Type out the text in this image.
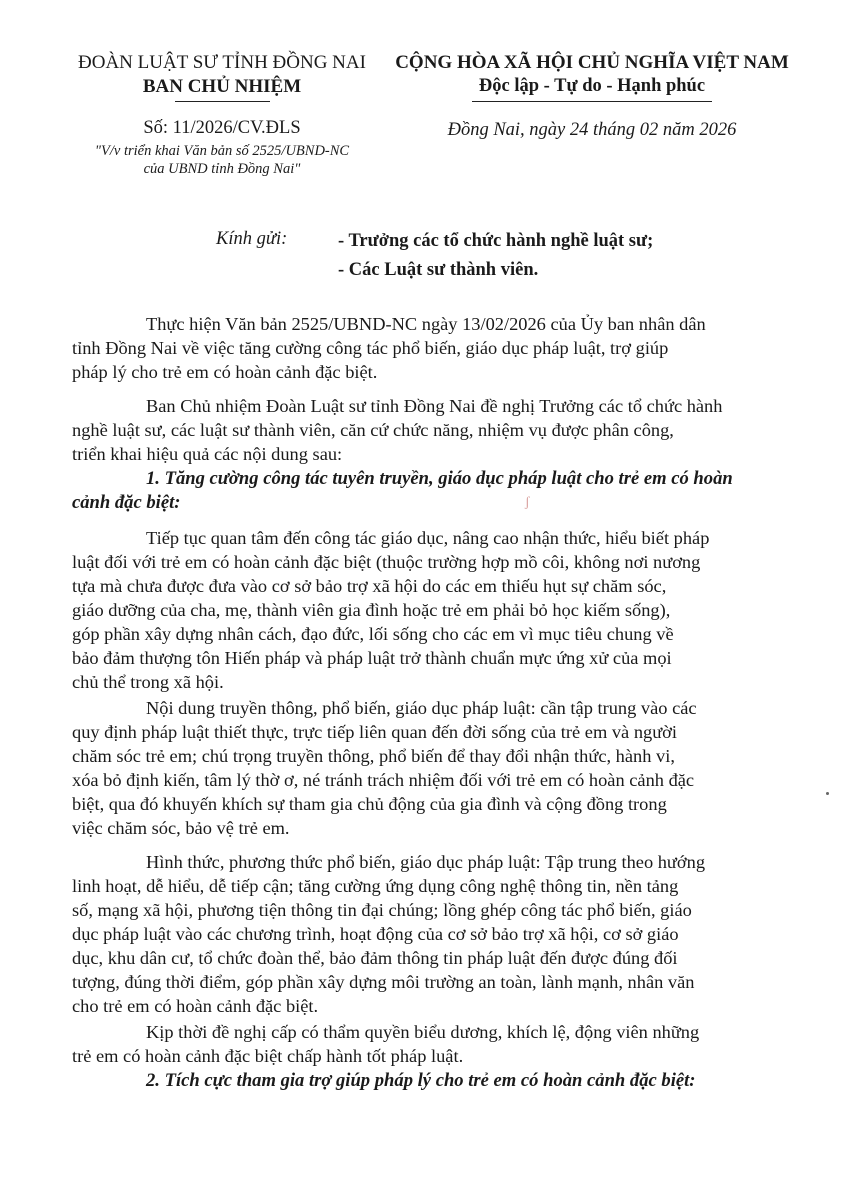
ĐOÀN LUẬT SƯ TỈNH ĐỒNG NAI
BAN CHỦ NHIỆM
CỘNG HÒA XÃ HỘI CHỦ NGHĨA VIỆT NAM
Độc lập - Tự do - Hạnh phúc
Số: 11/2026/CV.ĐLS
"V/v triển khai Văn bản số 2525/UBND-NC
của UBND tỉnh Đồng Nai"
Đồng Nai, ngày 24 tháng 02 năm 2026
Kính gửi:	- Trưởng các tổ chức hành nghề luật sư;
- Các Luật sư thành viên.
Thực hiện Văn bản 2525/UBND-NC ngày 13/02/2026 của Ủy ban nhân dân
tỉnh Đồng Nai về việc tăng cường công tác phổ biến, giáo dục pháp luật, trợ giúp
pháp lý cho trẻ em có hoàn cảnh đặc biệt.
Ban Chủ nhiệm Đoàn Luật sư tỉnh Đồng Nai đề nghị Trưởng các tổ chức hành
nghề luật sư, các luật sư thành viên, căn cứ chức năng, nhiệm vụ được phân công,
triển khai hiệu quả các nội dung sau:
1. Tăng cường công tác tuyên truyền, giáo dục pháp luật cho trẻ em có hoàn
cảnh đặc biệt:	ʃ
Tiếp tục quan tâm đến công tác giáo dục, nâng cao nhận thức, hiểu biết pháp
luật đối với trẻ em có hoàn cảnh đặc biệt (thuộc trường hợp mồ côi, không nơi nương
tựa mà chưa được đưa vào cơ sở bảo trợ xã hội do các em thiếu hụt sự chăm sóc,
giáo dưỡng của cha, mẹ, thành viên gia đình hoặc trẻ em phải bỏ học kiếm sống),
góp phần xây dựng nhân cách, đạo đức, lối sống cho các em vì mục tiêu chung về
bảo đảm thượng tôn Hiến pháp và pháp luật trở thành chuẩn mực ứng xử của mọi
chủ thể trong xã hội.
Nội dung truyền thông, phổ biến, giáo dục pháp luật: cần tập trung vào các
quy định pháp luật thiết thực, trực tiếp liên quan đến đời sống của trẻ em và người
chăm sóc trẻ em; chú trọng truyền thông, phổ biến để thay đổi nhận thức, hành vi,
xóa bỏ định kiến, tâm lý thờ ơ, né tránh trách nhiệm đối với trẻ em có hoàn cảnh đặc
biệt, qua đó khuyến khích sự tham gia chủ động của gia đình và cộng đồng trong
việc chăm sóc, bảo vệ trẻ em.
Hình thức, phương thức phổ biến, giáo dục pháp luật: Tập trung theo hướng
linh hoạt, dễ hiểu, dễ tiếp cận; tăng cường ứng dụng công nghệ thông tin, nền tảng
số, mạng xã hội, phương tiện thông tin đại chúng; lồng ghép công tác phổ biến, giáo
dục pháp luật vào các chương trình, hoạt động của cơ sở bảo trợ xã hội, cơ sở giáo
dục, khu dân cư, tổ chức đoàn thể, bảo đảm thông tin pháp luật đến được đúng đối
tượng, đúng thời điểm, góp phần xây dựng môi trường an toàn, lành mạnh, nhân văn
cho trẻ em có hoàn cảnh đặc biệt.
Kịp thời đề nghị cấp có thẩm quyền biểu dương, khích lệ, động viên những
trẻ em có hoàn cảnh đặc biệt chấp hành tốt pháp luật.
2. Tích cực tham gia trợ giúp pháp lý cho trẻ em có hoàn cảnh đặc biệt:
